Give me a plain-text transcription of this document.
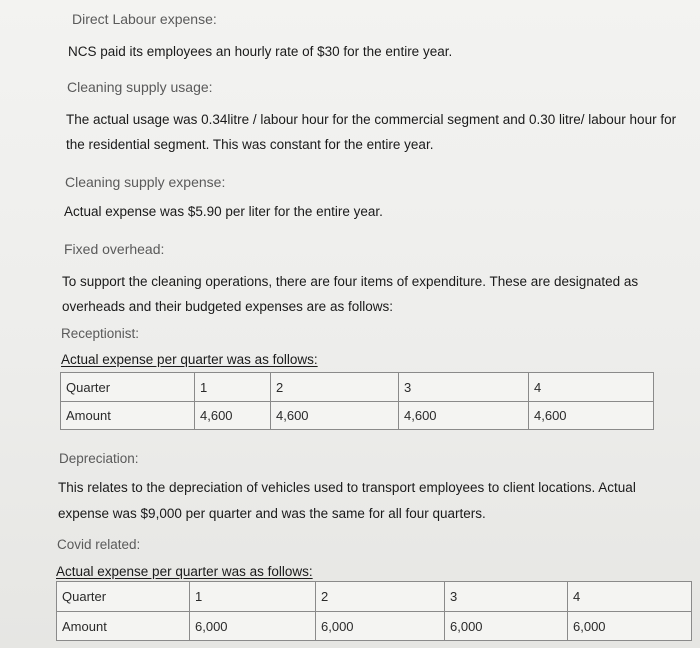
Direct Labour expense:
NCS paid its employees an hourly rate of $30 for the entire year.
Cleaning supply usage:
The actual usage was 0.34litre / labour hour for the commercial segment and 0.30 litre/ labour hour for
the residential segment. This was constant for the entire year.
Cleaning supply expense:
Actual expense was $5.90 per liter for the entire year.
Fixed overhead:
To support the cleaning operations, there are four items of expenditure. These are designated as
overheads and their budgeted expenses are as follows:
Receptionist:
Actual expense per quarter was as follows:
Quarter	1	2	3	4
Amount	4,600	4,600	4,600	4,600
Depreciation:
This relates to the depreciation of vehicles used to transport employees to client locations. Actual
expense was $9,000 per quarter and was the same for all four quarters.
Covid related:
Actual expense per quarter was as follows:
Quarter	1	2	3	4
Amount	6,000	6,000	6,000	6,000
